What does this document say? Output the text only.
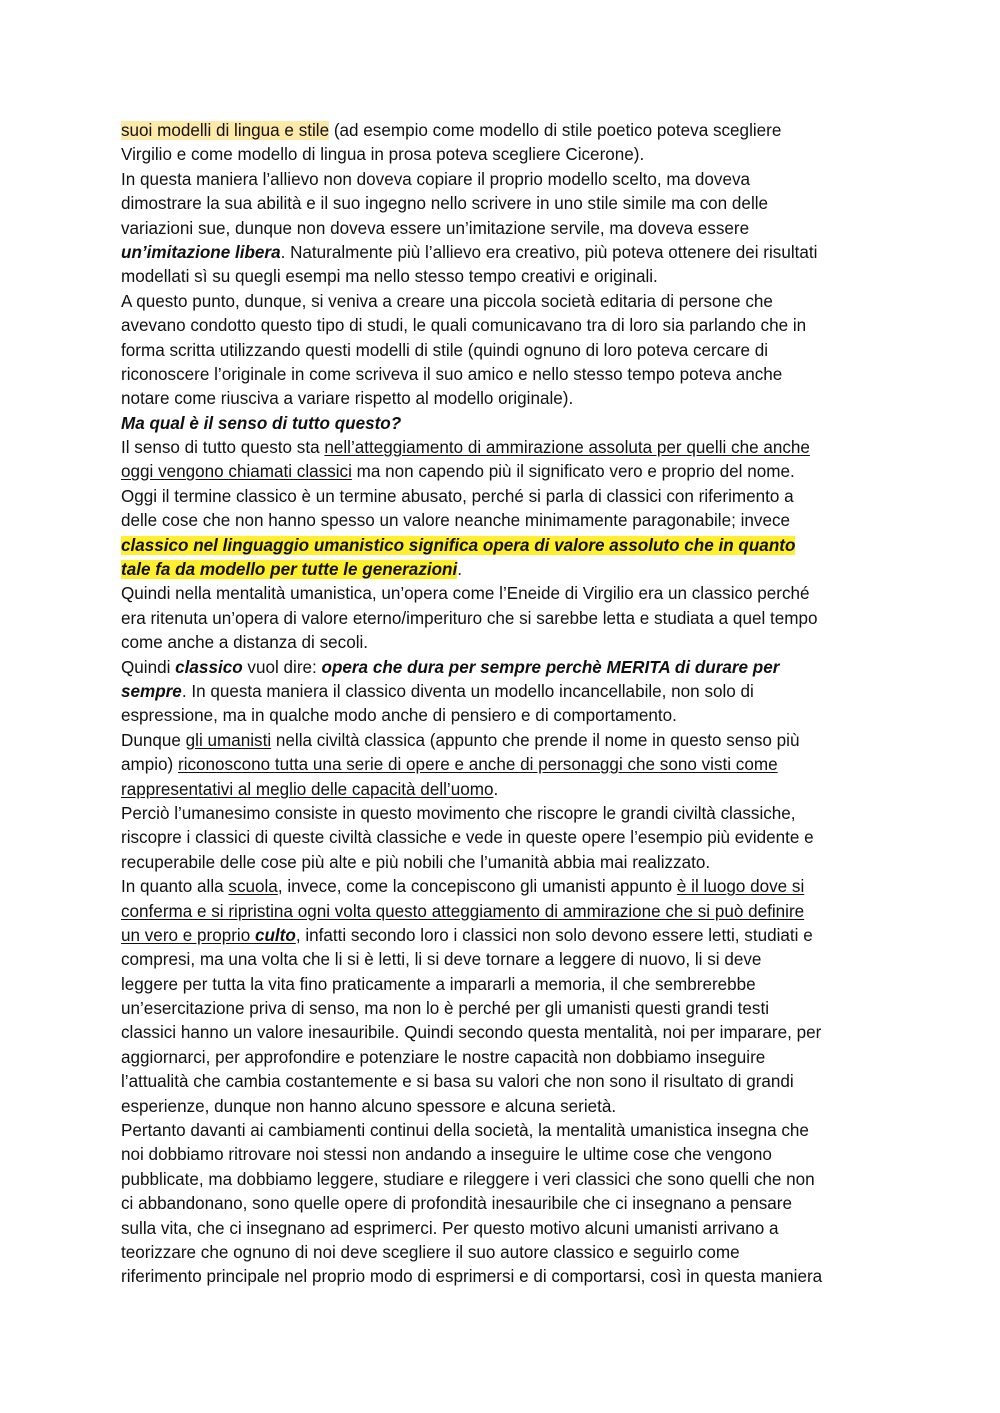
suoi modelli di lingua e stile (ad esempio come modello di stile poetico poteva scegliere
Virgilio e come modello di lingua in prosa poteva scegliere Cicerone).
In questa maniera l’allievo non doveva copiare il proprio modello scelto, ma doveva
dimostrare la sua abilità e il suo ingegno nello scrivere in uno stile simile ma con delle
variazioni sue, dunque non doveva essere un’imitazione servile, ma doveva essere
un’imitazione libera. Naturalmente più l’allievo era creativo, più poteva ottenere dei risultati
modellati sì su quegli esempi ma nello stesso tempo creativi e originali.
A questo punto, dunque, si veniva a creare una piccola società editaria di persone che
avevano condotto questo tipo di studi, le quali comunicavano tra di loro sia parlando che in
forma scritta utilizzando questi modelli di stile (quindi ognuno di loro poteva cercare di
riconoscere l’originale in come scriveva il suo amico e nello stesso tempo poteva anche
notare come riusciva a variare rispetto al modello originale).
Ma qual è il senso di tutto questo?
Il senso di tutto questo sta nell’atteggiamento di ammirazione assoluta per quelli che anche
oggi vengono chiamati classici ma non capendo più il significato vero e proprio del nome.
Oggi il termine classico è un termine abusato, perché si parla di classici con riferimento a
delle cose che non hanno spesso un valore neanche minimamente paragonabile; invece
classico nel linguaggio umanistico significa opera di valore assoluto che in quanto
tale fa da modello per tutte le generazioni.
Quindi nella mentalità umanistica, un’opera come l’Eneide di Virgilio era un classico perché
era ritenuta un’opera di valore eterno/imperituro che si sarebbe letta e studiata a quel tempo
come anche a distanza di secoli.
Quindi classico vuol dire: opera che dura per sempre perchè MERITA di durare per
sempre. In questa maniera il classico diventa un modello incancellabile, non solo di
espressione, ma in qualche modo anche di pensiero e di comportamento.
Dunque gli umanisti nella civiltà classica (appunto che prende il nome in questo senso più
ampio) riconoscono tutta una serie di opere e anche di personaggi che sono visti come
rappresentativi al meglio delle capacità dell’uomo.
Perciò l’umanesimo consiste in questo movimento che riscopre le grandi civiltà classiche,
riscopre i classici di queste civiltà classiche e vede in queste opere l’esempio più evidente e
recuperabile delle cose più alte e più nobili che l’umanità abbia mai realizzato.
In quanto alla scuola, invece, come la concepiscono gli umanisti appunto è il luogo dove si
conferma e si ripristina ogni volta questo atteggiamento di ammirazione che si può definire
un vero e proprio culto, infatti secondo loro i classici non solo devono essere letti, studiati e
compresi, ma una volta che li si è letti, li si deve tornare a leggere di nuovo, li si deve
leggere per tutta la vita fino praticamente a impararli a memoria, il che sembrerebbe
un’esercitazione priva di senso, ma non lo è perché per gli umanisti questi grandi testi
classici hanno un valore inesauribile. Quindi secondo questa mentalità, noi per imparare, per
aggiornarci, per approfondire e potenziare le nostre capacità non dobbiamo inseguire
l’attualità che cambia costantemente e si basa su valori che non sono il risultato di grandi
esperienze, dunque non hanno alcuno spessore e alcuna serietà.
Pertanto davanti ai cambiamenti continui della società, la mentalità umanistica insegna che
noi dobbiamo ritrovare noi stessi non andando a inseguire le ultime cose che vengono
pubblicate, ma dobbiamo leggere, studiare e rileggere i veri classici che sono quelli che non
ci abbandonano, sono quelle opere di profondità inesauribile che ci insegnano a pensare
sulla vita, che ci insegnano ad esprimerci. Per questo motivo alcuni umanisti arrivano a
teorizzare che ognuno di noi deve scegliere il suo autore classico e seguirlo come
riferimento principale nel proprio modo di esprimersi e di comportarsi, così in questa maniera
